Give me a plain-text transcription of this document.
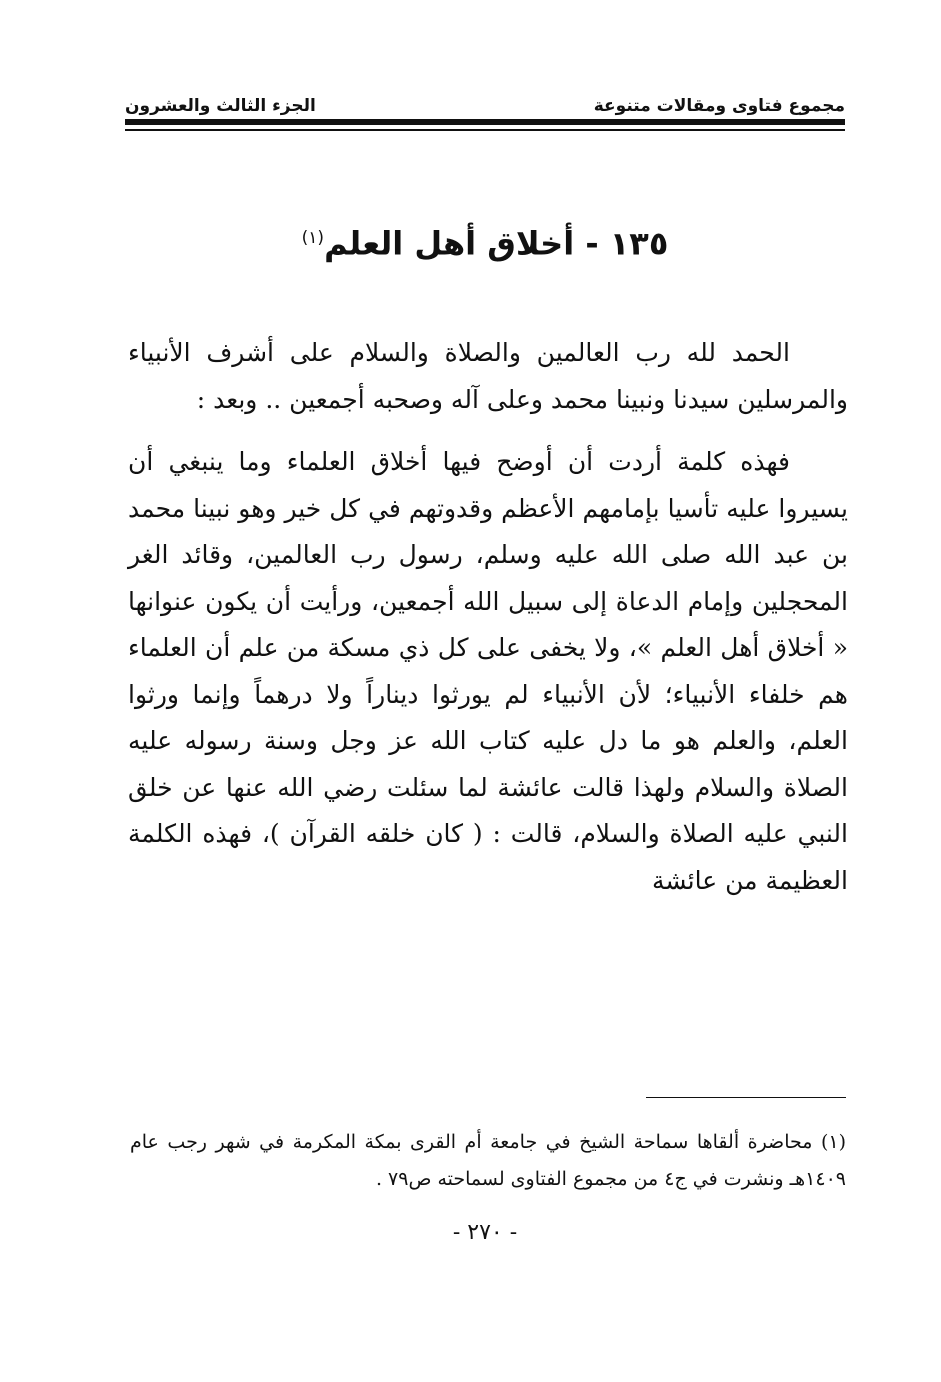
مجموع فتاوى ومقالات متنوعة
الجزء الثالث والعشرون
١٣٥ - أخلاق أهل العلم$^{(١)}$

الحمد لله رب العالمين والصلاة والسلام على أشرف الأنبياء والمرسلين سيدنا ونبينا محمد وعلى آله وصحبه أجمعين .. وبعد :

فهذه كلمة أردت أن أوضح فيها أخلاق العلماء وما ينبغي أن يسيروا عليه تأسيا بإمامهم الأعظم وقدوتهم في كل خير وهو نبينا محمد بن عبد الله صلى الله عليه وسلم، رسول رب العالمين، وقائد الغر المحجلين وإمام الدعاة إلى سبيل الله أجمعين، ورأيت أن يكون عنوانها « أخلاق أهل العلم »، ولا يخفى على كل ذي مسكة من علم أن العلماء هم خلفاء الأنبياء؛ لأن الأنبياء لم يورثوا ديناراً ولا درهماً وإنما ورثوا العلم، والعلم هو ما دل عليه كتاب الله عز وجل وسنة رسوله عليه الصلاة والسلام ولهذا قالت عائشة لما سئلت رضي الله عنها عن خلق النبي عليه الصلاة والسلام، قالت : ( كان خلقه القرآن )، فهذه الكلمة العظيمة من عائشة

(١) محاضرة ألقاها سماحة الشيخ في جامعة أم القرى بمكة المكرمة في شهر رجب عام ١٤٠٩هـ ونشرت في ج٤ من مجموع الفتاوى لسماحته ص٧٩ .
- ٢٧٠ -
